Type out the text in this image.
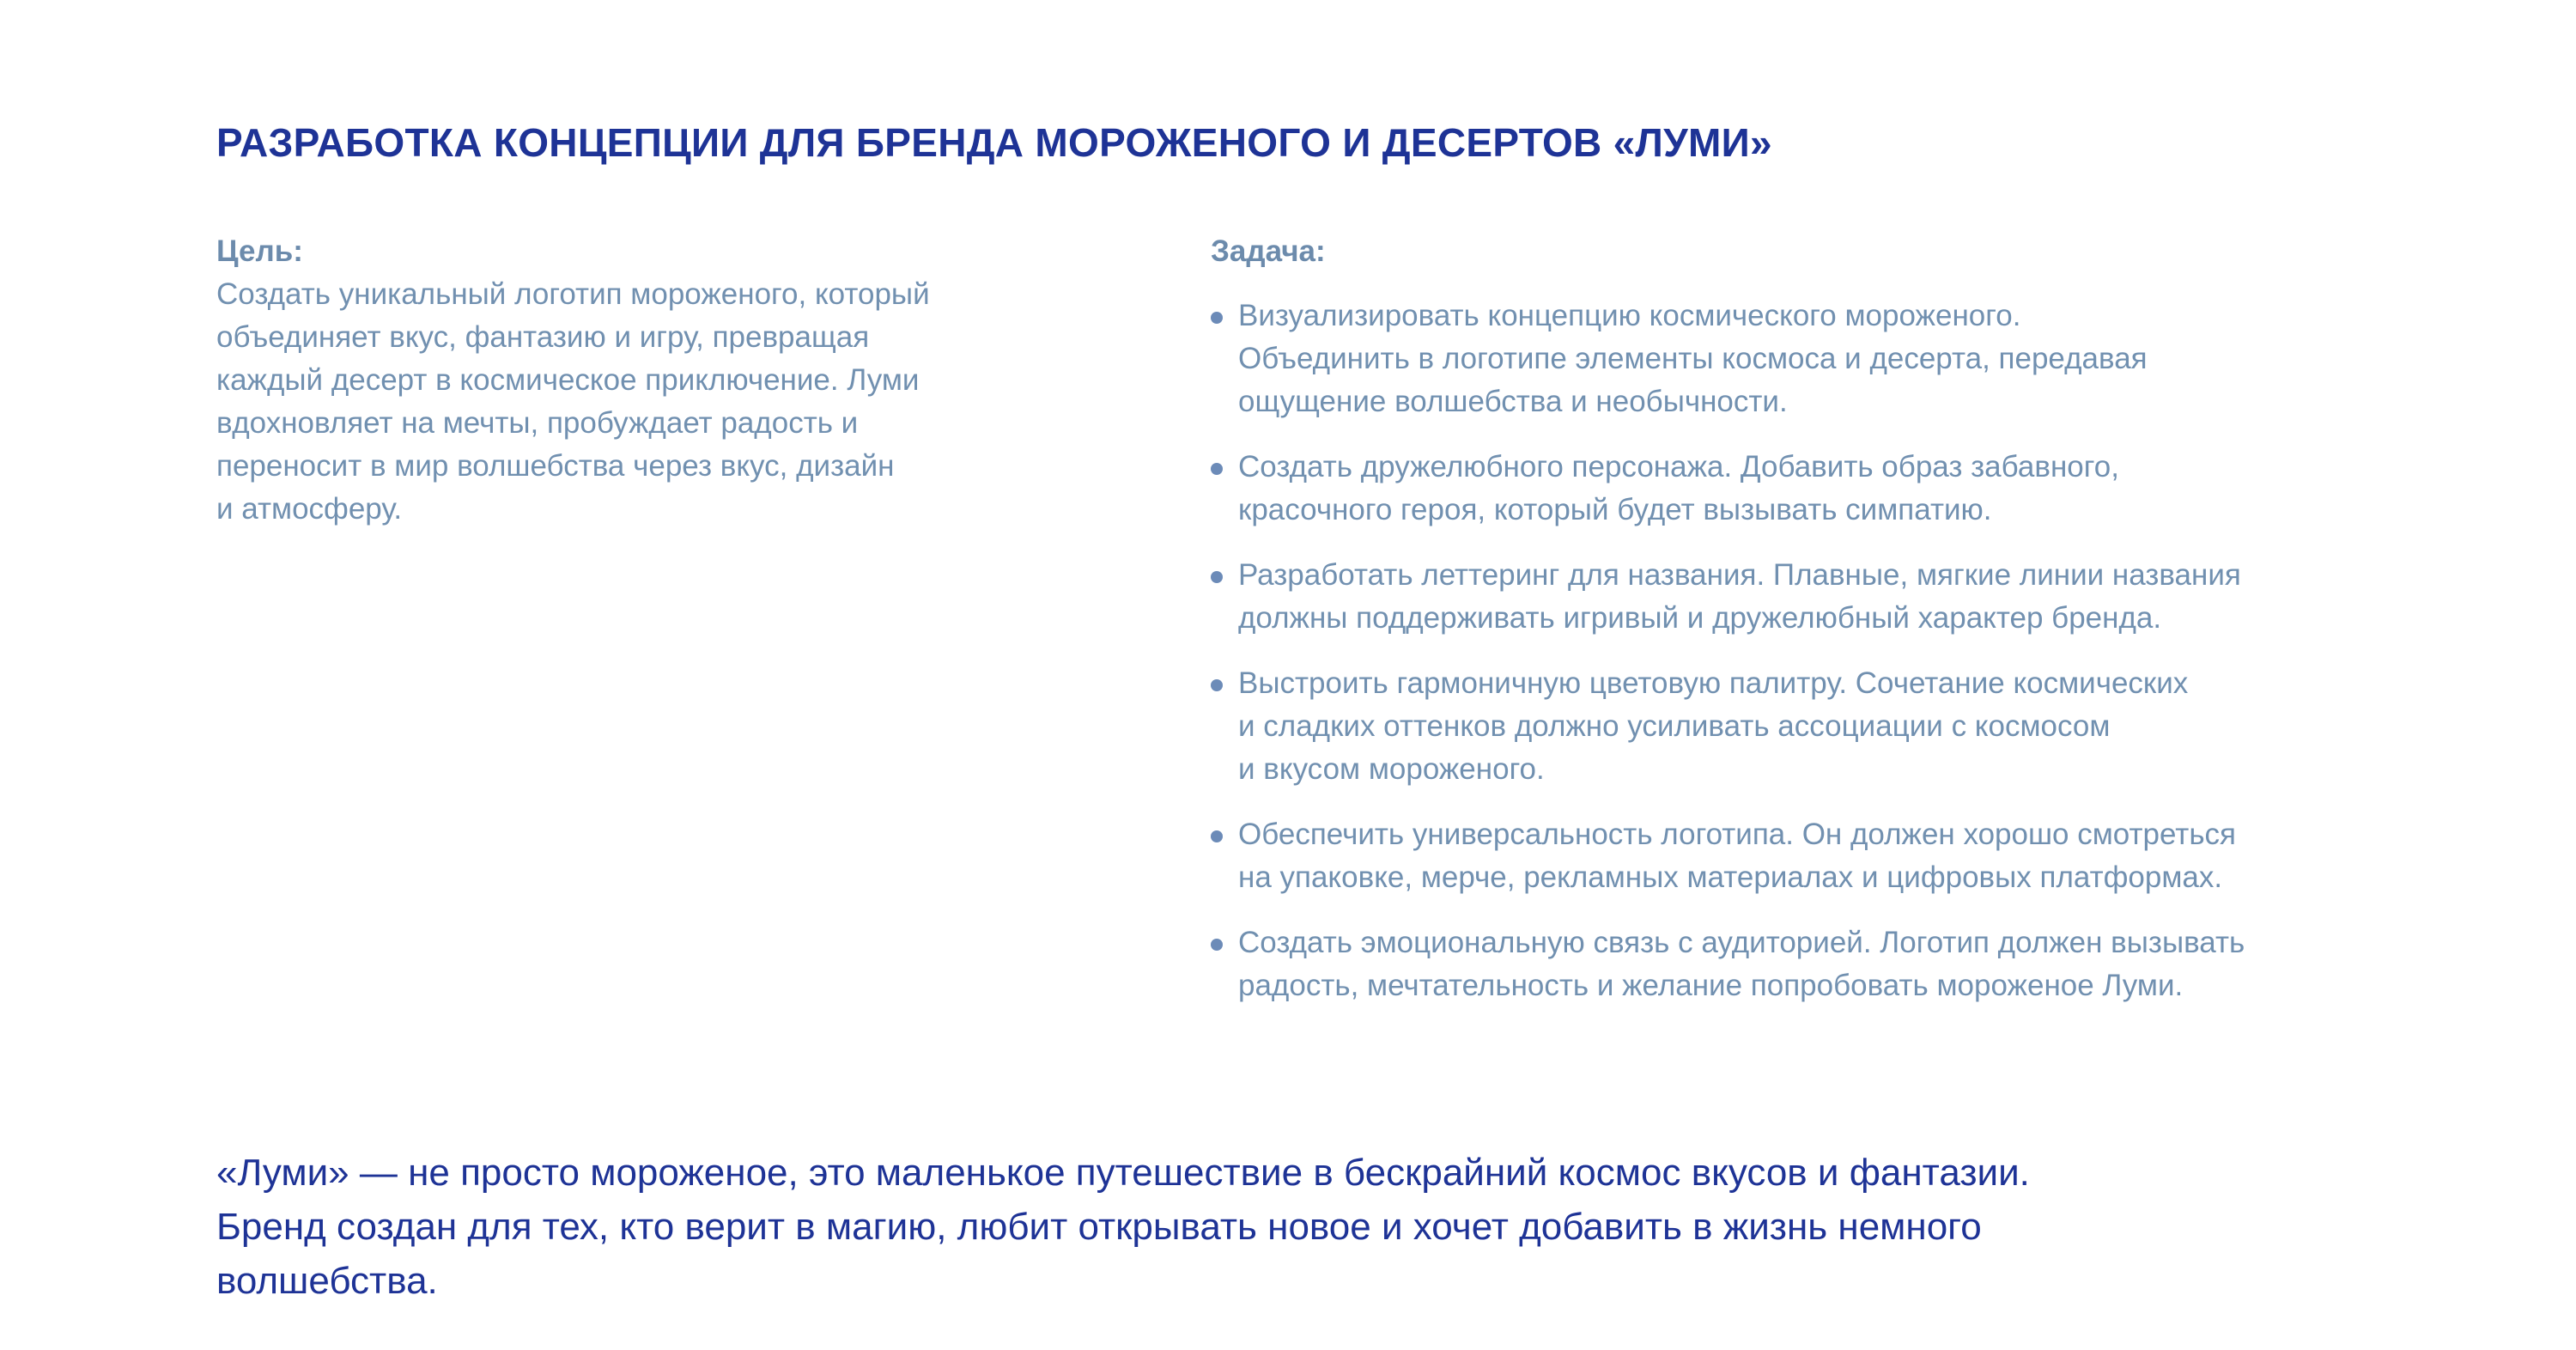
РАЗРАБОТКА КОНЦЕПЦИИ ДЛЯ БРЕНДА МОРОЖЕНОГО И ДЕСЕРТОВ «ЛУМИ»

Цель:

Создать уникальный логотип мороженого, который
объединяет вкус, фантазию и игру, превращая
каждый десерт в космическое приключение. Луми
вдохновляет на мечты, пробуждает радость и
переносит в мир волшебства через вкус, дизайн
и атмосферу.

Задача:

Визуализировать концепцию космического мороженого.
Объединить в логотипе элементы космоса и десерта, передавая
ощущение волшебства и необычности.
Создать дружелюбного персонажа. Добавить образ забавного,
красочного героя, который будет вызывать симпатию.
Разработать леттеринг для названия. Плавные, мягкие линии названия
должны поддерживать игривый и дружелюбный характер бренда.
Выстроить гармоничную цветовую палитру. Сочетание космических
и сладких оттенков должно усиливать ассоциации с космосом
и вкусом мороженого.
Обеспечить универсальность логотипа. Он должен хорошо смотреться
на упаковке, мерче, рекламных материалах и цифровых платформах.
Создать эмоциональную связь с аудиторией. Логотип должен вызывать
радость, мечтательность и желание попробовать мороженое Луми.

«Луми» — не просто мороженое, это маленькое путешествие в бескрайний космос вкусов и фантазии.
Бренд создан для тех, кто верит в магию, любит открывать новое и хочет добавить в жизнь немного
волшебства.
